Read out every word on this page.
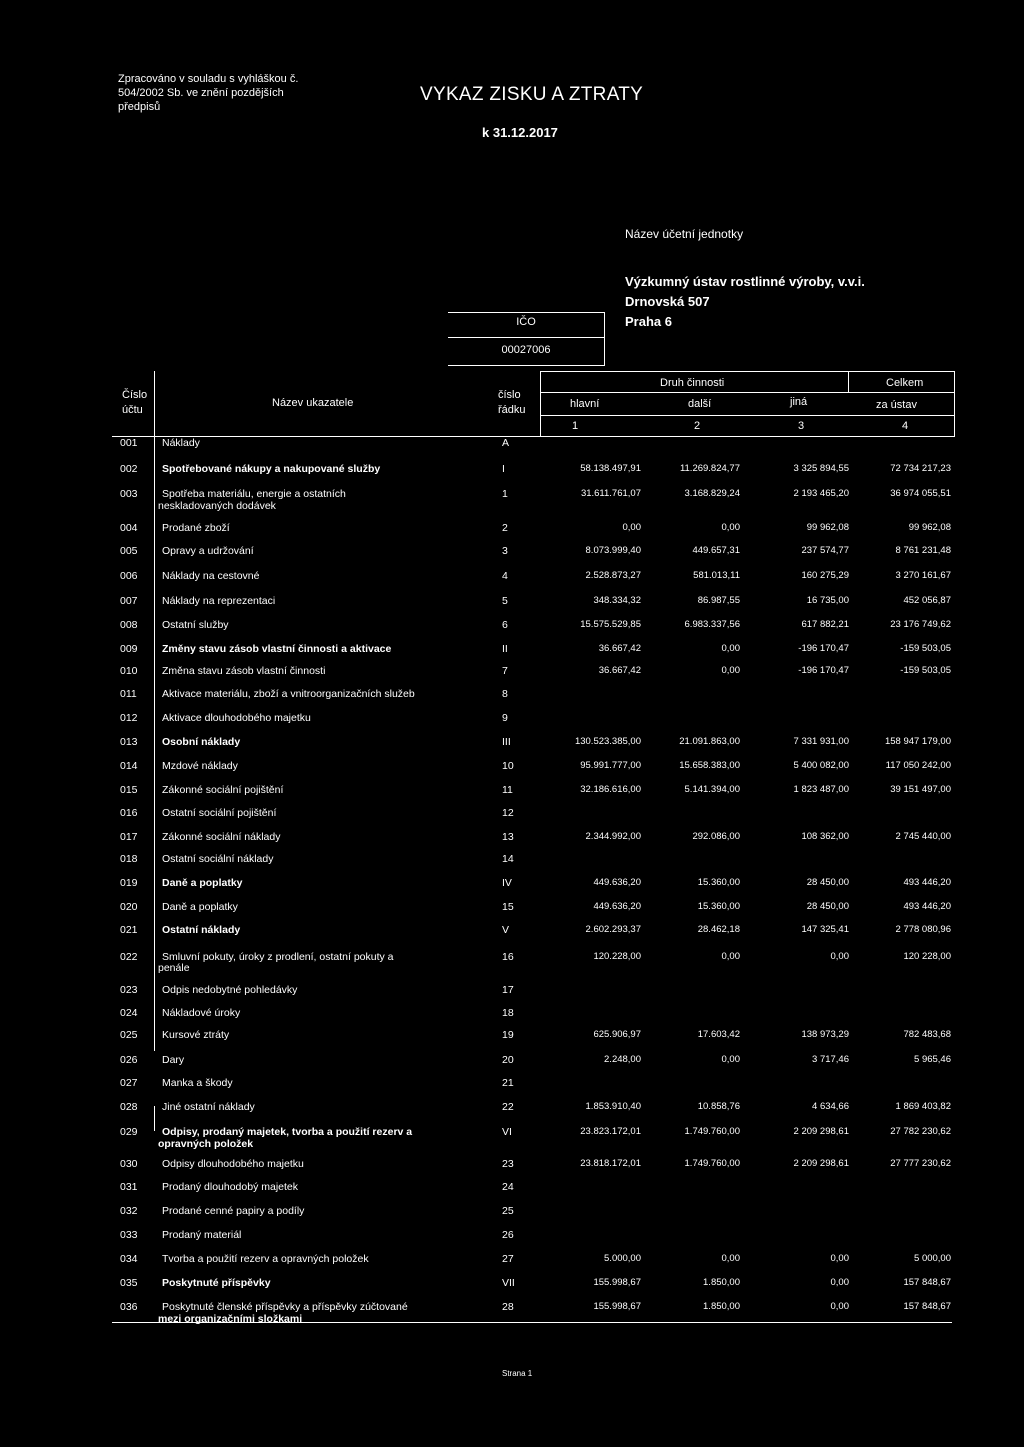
Zpracováno v souladu s vyhláškou č. 504/2002 Sb. ve znění pozdějších předpisů
VYKAZ ZISKU A ZTRATY
k 31.12.2017
Název účetní jednotky
Výzkumný ústav rostlinné výroby, v.v.i.
Drnovská 507
Praha 6
IČO
00027006
Číslo
účtu
Název ukazatele
číslo
řádku
Druh činnosti	Celkem
hlavní	další	jiná	za ústav
1	2	3	4
001 Náklady	A
002 Spotřebované nákupy a nakupované služby	I	58.138.497,91	11.269.824,77	3 325 894,55	72 734 217,23
003 Spotřeba materiálu, energie a ostatních	1	31.611.761,07	3.168.829,24	2 193 465,20	36 974 055,51
004 Prodané zboží	2	0,00	0,00	99 962,08	99 962,08
005 Opravy a udržování	3	8.073.999,40	449.657,31	237 574,77	8 761 231,48
006 Náklady na cestovné	4	2.528.873,27	581.013,11	160 275,29	3 270 161,67
007 Náklady na reprezentaci	5	348.334,32	86.987,55	16 735,00	452 056,87
008 Ostatní služby	6	15.575.529,85	6.983.337,56	617 882,21	23 176 749,62
009 Změny stavu zásob vlastní činnosti a aktivace	II	36.667,42	0,00	-196 170,47	-159 503,05
010 Změna stavu zásob vlastní činnosti	7	36.667,42	0,00	-196 170,47	-159 503,05
011 Aktivace materiálu, zboží a vnitroorganizačních služeb	8
012 Aktivace dlouhodobého majetku	9
013 Osobní náklady	III	130.523.385,00	21.091.863,00	7 331 931,00	158 947 179,00
014 Mzdové náklady	10	95.991.777,00	15.658.383,00	5 400 082,00	117 050 242,00
015 Zákonné sociální pojištění	11	32.186.616,00	5.141.394,00	1 823 487,00	39 151 497,00
016 Ostatní sociální pojištění	12
017 Zákonné sociální náklady	13	2.344.992,00	292.086,00	108 362,00	2 745 440,00
018 Ostatní sociální náklady	14
019 Daně a poplatky	IV	449.636,20	15.360,00	28 450,00	493 446,20
020 Daně a poplatky	15	449.636,20	15.360,00	28 450,00	493 446,20
021 Ostatní náklady	V	2.602.293,37	28.462,18	147 325,41	2 778 080,96
022 Smluvní pokuty, úroky z prodlení, ostatní pokuty a	16	120.228,00	0,00	0,00	120 228,00
023 Odpis nedobytné pohledávky	17
024 Nákladové úroky	18
025 Kursové ztráty	19	625.906,97	17.603,42	138 973,29	782 483,68
026 Dary	20	2.248,00	0,00	3 717,46	5 965,46
027 Manka a škody	21
028 Jiné ostatní náklady	22	1.853.910,40	10.858,76	4 634,66	1 869 403,82
029 Odpisy, prodaný majetek, tvorba a použití rezerv a	VI	23.823.172,01	1.749.760,00	2 209 298,61	27 782 230,62
030 Odpisy dlouhodobého majetku	23	23.818.172,01	1.749.760,00	2 209 298,61	27 777 230,62
031 Prodaný dlouhodobý majetek	24
032 Prodané cenné papiry a podíly	25
033 Prodaný materiál	26
034 Tvorba a použití rezerv a opravných položek	27	5.000,00	0,00	0,00	5 000,00
035 Poskytnuté příspěvky	VII	155.998,67	1.850,00	0,00	157 848,67
036 Poskytnuté členské příspěvky a příspěvky zúčtované	28	155.998,67	1.850,00	0,00	157 848,67
neskladovaných dodávek
penále
opravných položek
mezi organizačními složkami
Strana 1
